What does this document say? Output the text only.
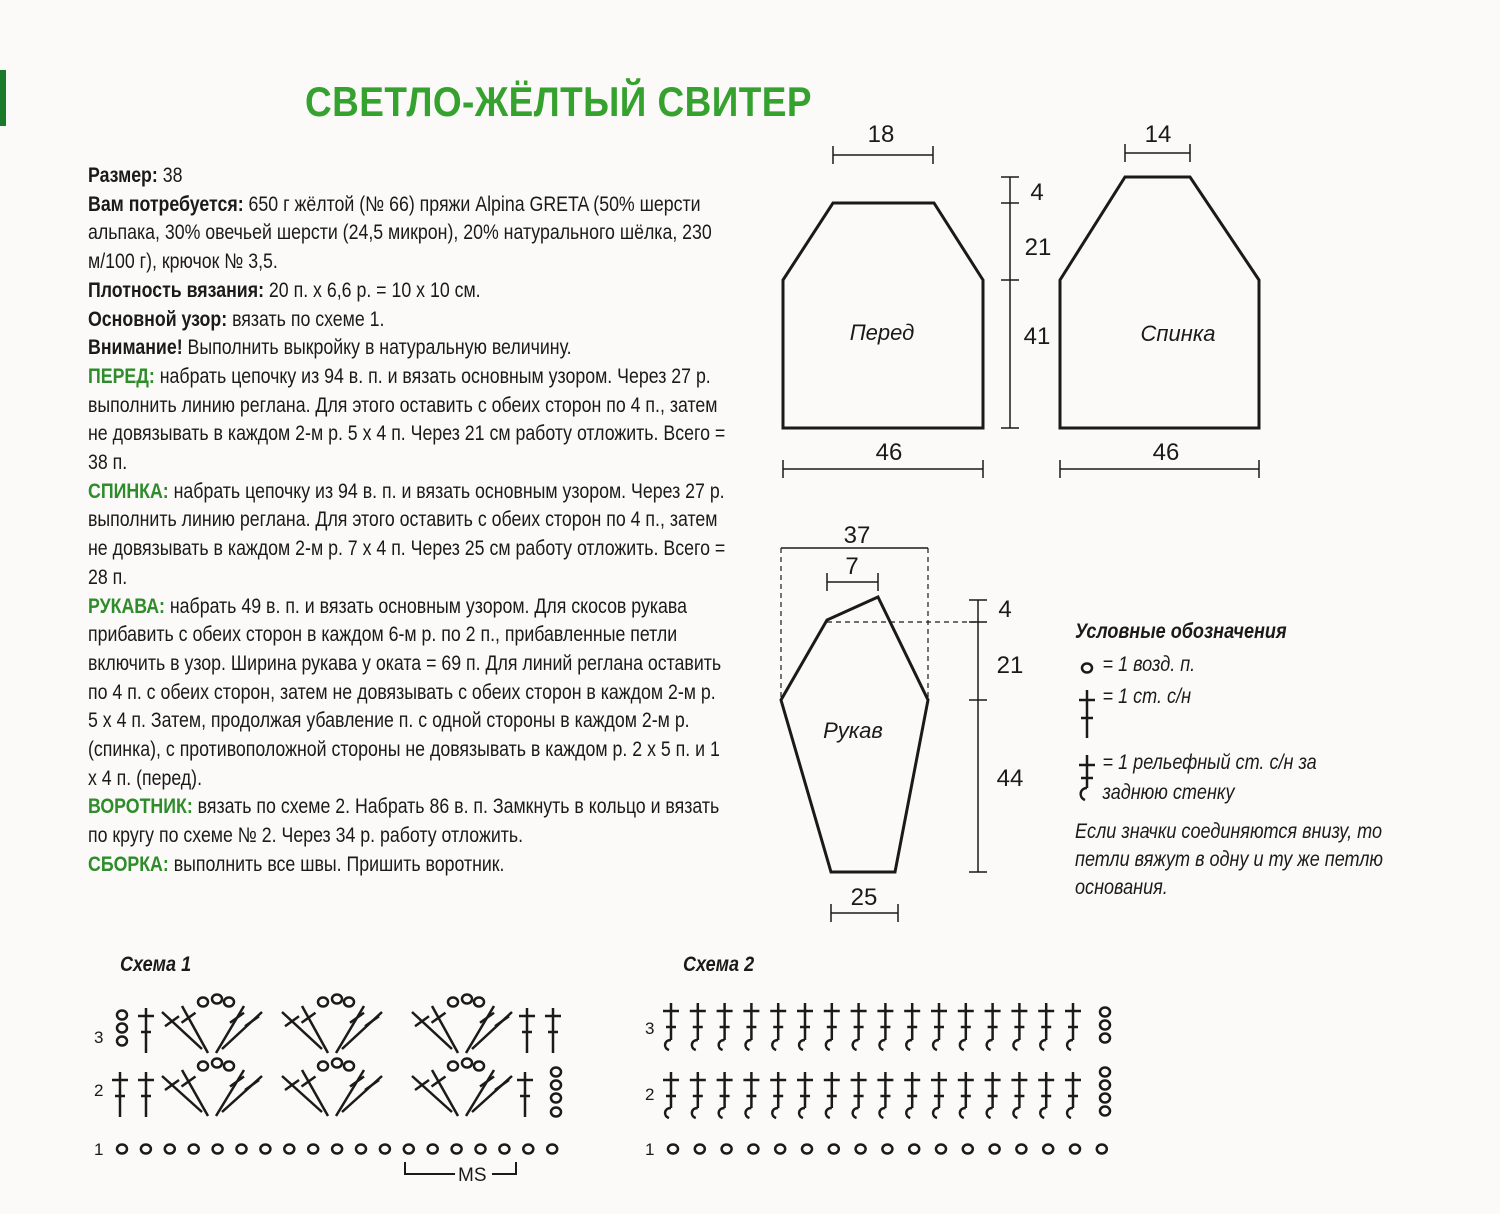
СВЕТЛО-ЖЁЛТЫЙ СВИТЕР

Размер: 38

Вам потребуется: 650 г жёлтой (№ 66) пряжи Alpina GRETA (50% шерсти альпака, 30% овечьей шерсти (24,5 микрон), 20% натурального шёлка, 230 м/100 г), крючок № 3,5.

Плотность вязания: 20 п. х 6,6 р. = 10 х 10 см.

Основной узор: вязать по схеме 1.

Внимание! Выполнить выкройку в натуральную величину.

ПЕРЕД: набрать цепочку из 94 в. п. и вязать основным узором. Через 27 р. выполнить линию реглана. Для этого оставить с обеих сторон по 4 п., затем не довязывать в каждом 2-м р. 5 х 4 п. Через 21 см работу отложить. Всего = 38 п.

СПИНКА: набрать цепочку из 94 в. п. и вязать основным узором. Через 27 р. выполнить линию реглана. Для этого оставить с обеих сторон по 4 п., затем не довязывать в каждом 2-м р. 7 х 4 п. Через 25 см работу отложить. Всего = 28 п.

РУКАВА: набрать 49 в. п. и вязать основным узором. Для скосов рукава прибавить с обеих сторон в каждом 6-м р. по 2 п., прибавленные петли включить в узор. Ширина рукава у оката = 69 п. Для линий реглана оставить по 4 п. с обеих сторон, затем не довязывать с обеих сторон в каждом 2-м р. 5 х 4 п. Затем, продолжая убавление п. с одной стороны в каждом 2-м р. (спинка), с противоположной стороны не довязывать в каждом р. 2 х 5 п. и 1 х 4 п. (перед).

ВОРОТНИК: вязать по схеме 2. Набрать 86 в. п. Замкнуть в кольцо и вязать по кругу по схеме № 2. Через 34 р. работу отложить.

СБОРКА: выполнить все швы. Пришить воротник.

18
46
Перед
4
21
41
14
46
Спинка
37
7
25
Рукав
4
21
44
1
2
3
1
2
3
MS
Схема 1	Схема 2
Условные обозначения
= 1 возд. п.
= 1 ст. с/н
= 1 рельефный ст. с/н за заднюю стенку
Если значки соединяются внизу, то петли вяжут в одну и ту же петлю основания.
